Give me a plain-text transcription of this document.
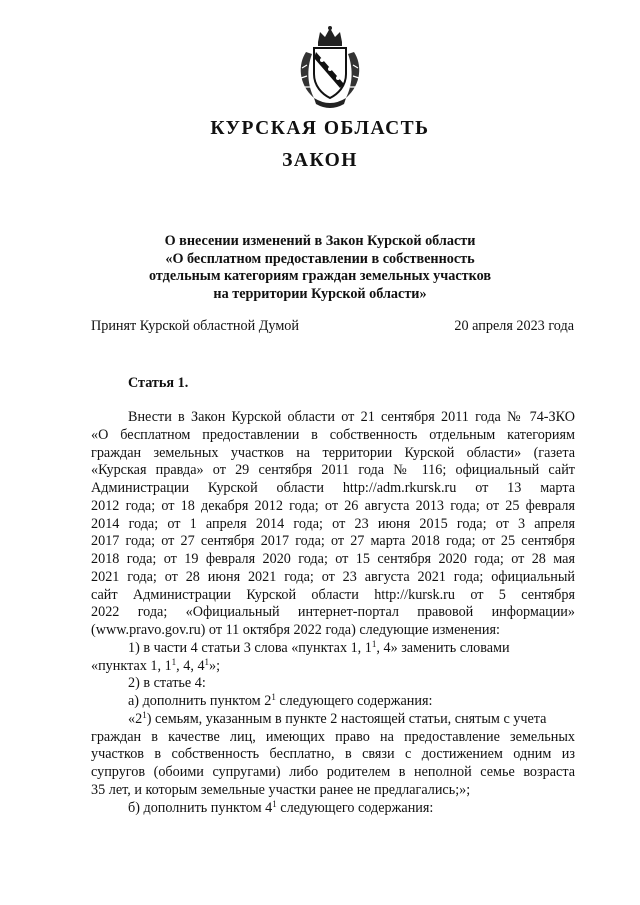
КУРСКАЯ ОБЛАСТЬ
ЗАКОН
О внесении изменений в Закон Курской области
«О бесплатном предоставлении в собственность
отдельным категориям граждан земельных участков
на территории Курской области»
Принят Курской областной Думой	20 апреля 2023 года
Статья 1.
Внести в Закон Курской области от 21 сентября 2011 года № 74-ЗКО
«О бесплатном предоставлении в собственность отдельным категориям
граждан земельных участков на территории Курской области» (газета
«Курская правда» от 29 сентября 2011 года № 116; официальный сайт
Администрации Курской области http://adm.rkursk.ru от 13 марта
2012 года; от 18 декабря 2012 года; от 26 августа 2013 года; от 25 февраля
2014 года; от 1 апреля 2014 года; от 23 июня 2015 года; от 3 апреля
2017 года; от 27 сентября 2017 года; от 27 марта 2018 года; от 25 сентября
2018 года; от 19 февраля 2020 года; от 15 сентября 2020 года; от 28 мая
2021 года; от 28 июня 2021 года; от 23 августа 2021 года; официальный
сайт Администрации Курской области http://kursk.ru от 5 сентября
2022 года; «Официальный интернет-портал правовой информации»
(www.pravo.gov.ru) от 11 октября 2022 года) следующие изменения:
1) в части 4 статьи 3 слова «пунктах 1, $1^1$, 4» заменить словами
«пунктах 1, $1^1$, 4, $4^1$»;
2) в статье 4:
а) дополнить пунктом $2^1$ следующего содержания:
«$2^1$) семьям, указанным в пункте 2 настоящей статьи, снятым с учета
граждан в качестве лиц, имеющих право на предоставление земельных
участков в собственность бесплатно, в связи с достижением одним из
супругов (обоими супругами) либо родителем в неполной семье возраста
35 лет, и которым земельные участки ранее не предлагались;»;
б) дополнить пунктом $4^1$ следующего содержания:
